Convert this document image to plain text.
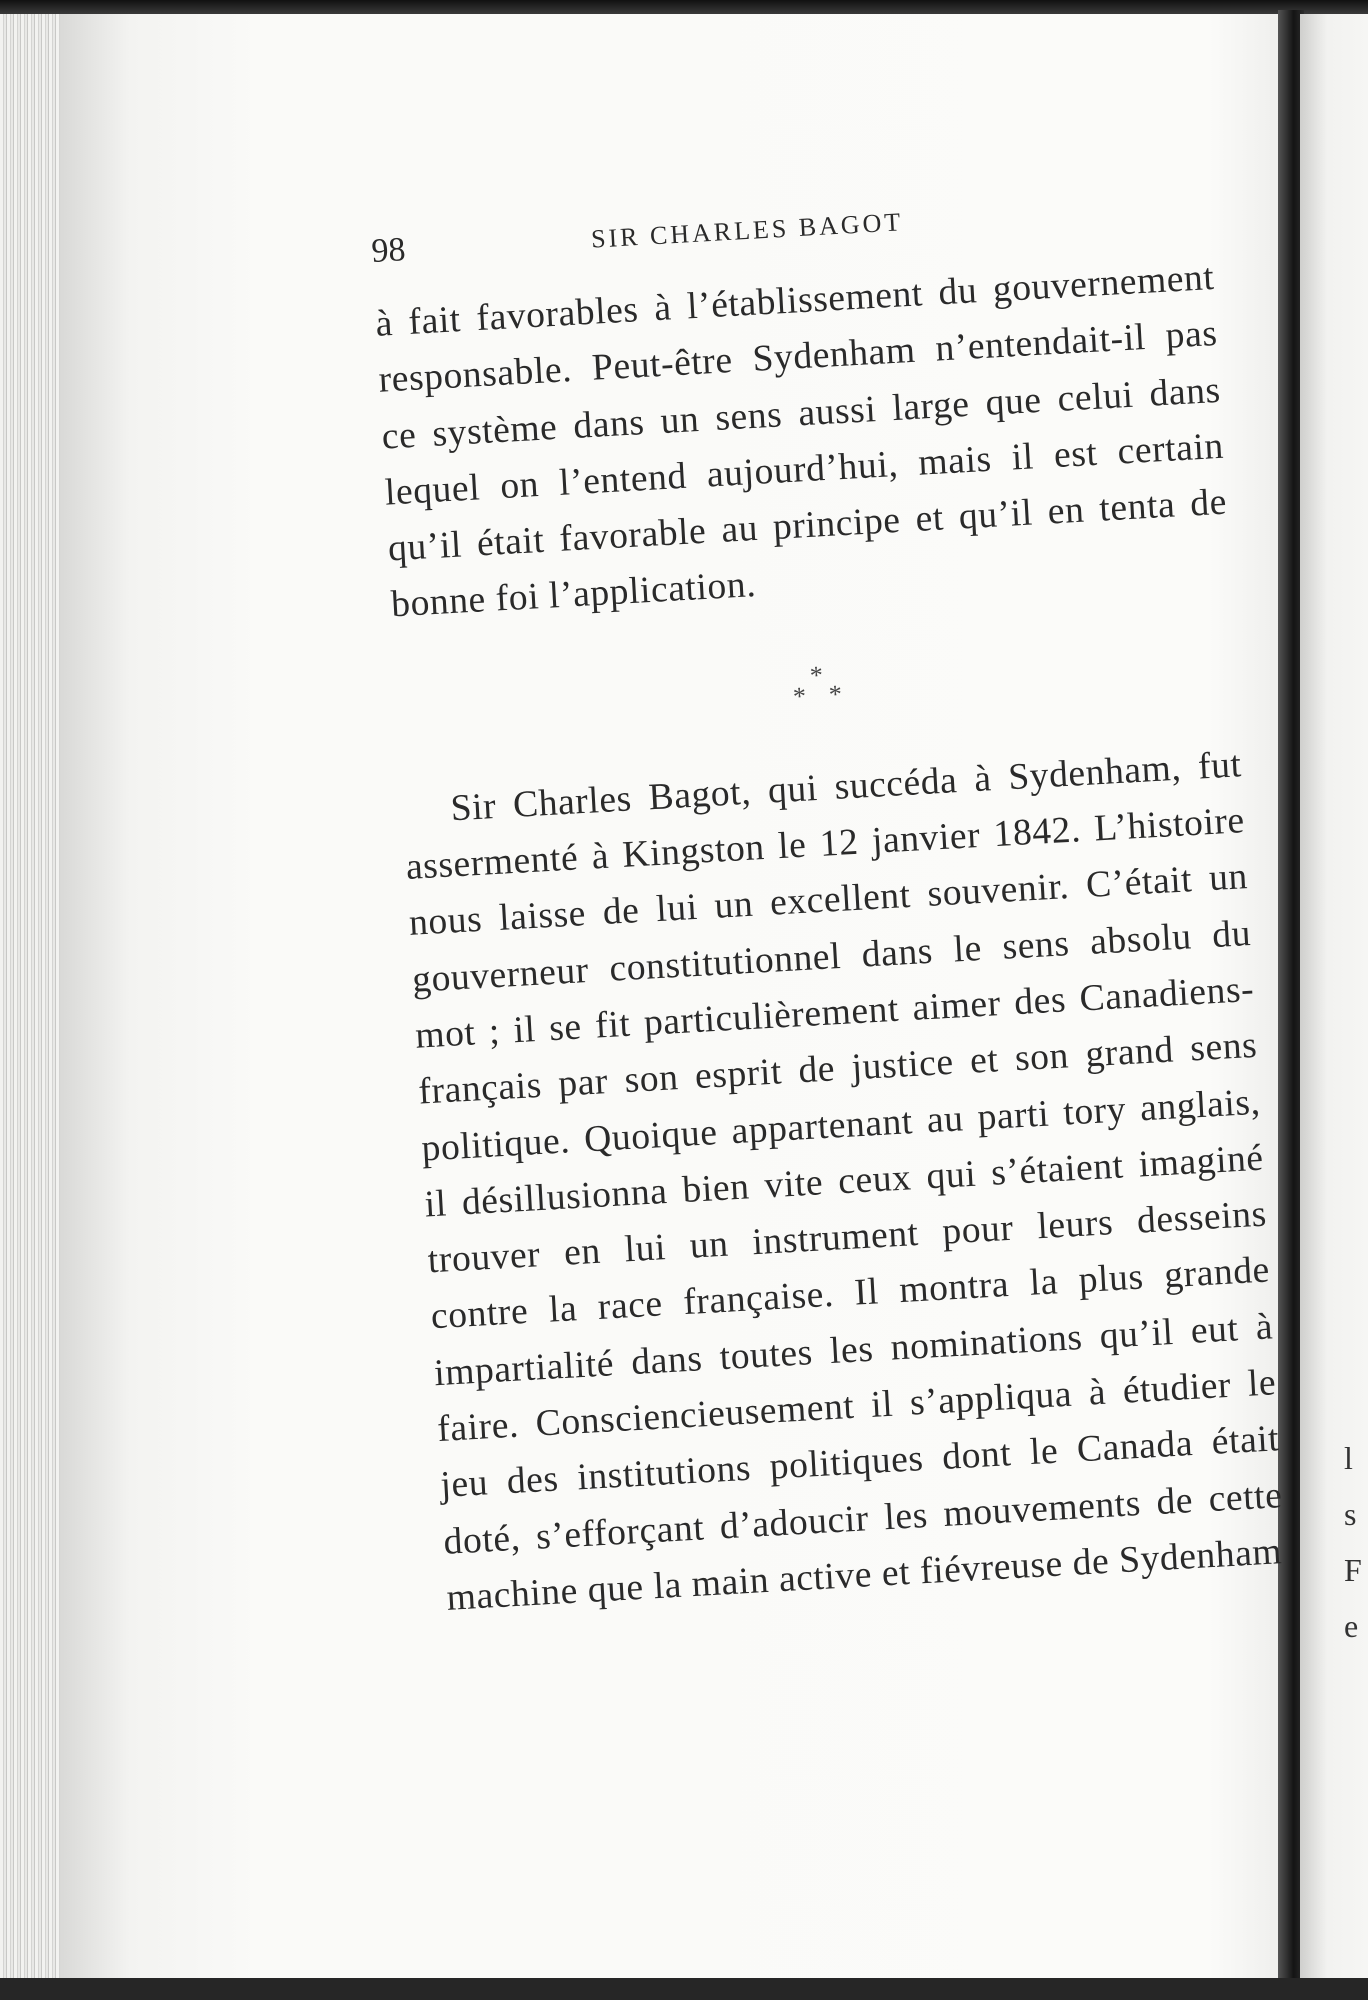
l
s
F
e
98	SIR CHARLES BAGOT

à fait favorables à l’établissement du gouvernement responsable. Peut-être Sydenham n’entendait-il pas ce système dans un sens aussi large que celui dans lequel on l’entend aujourd’hui, mais il est certain qu’il était favorable au principe et qu’il en tenta de bonne foi l’application.

*
* *

Sir Charles Bagot, qui succéda à Sydenham, fut assermenté à Kingston le 12 janvier 1842. L’histoire nous laisse de lui un excellent souvenir. C’était un gouverneur constitutionnel dans le sens absolu du mot ; il se fit particulièrement aimer des Canadiens-français par son esprit de justice et son grand sens politique. Quoique appartenant au parti tory anglais, il désillusionna bien vite ceux qui s’étaient imaginé trouver en lui un instrument pour leurs desseins contre la race française. Il montra la plus grande impartialité dans toutes les nominations qu’il eut à faire. Consciencieusement il s’appliqua à étudier le jeu des institutions politiques dont le Canada était doté, s’efforçant d’adoucir les mouvements de cette machine que la main active et fiévreuse de Sydenham
